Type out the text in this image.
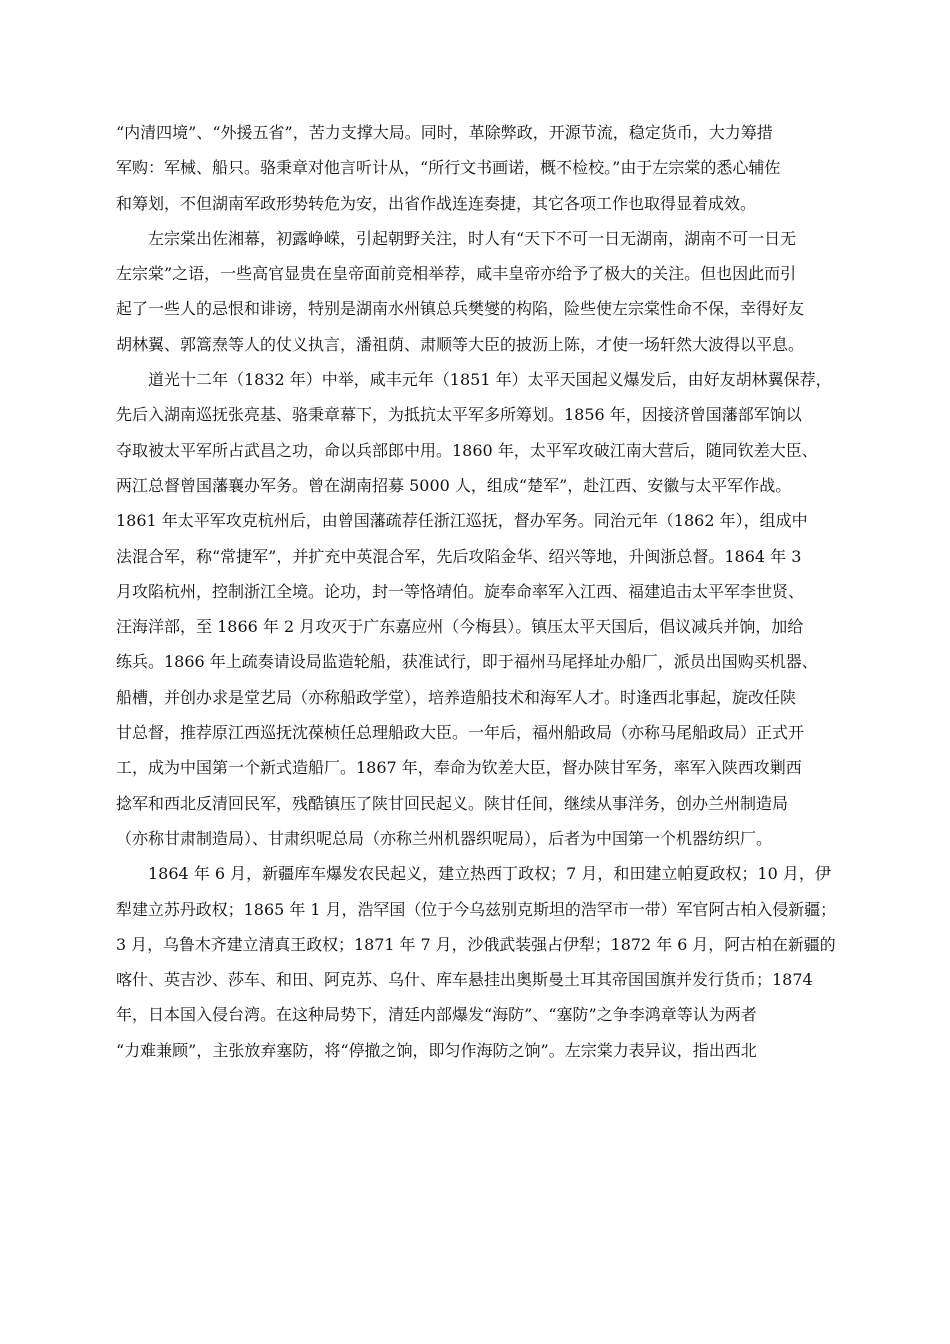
“内清四境”、“外援五省”，苦力支撑大局。同时，革除弊政，开源节流，稳定货币，大力筹措
军购：军械、船只。骆秉章对他言听计从，“所行文书画诺，概不检校。”由于左宗棠的悉心辅佐
和筹划，不但湖南军政形势转危为安，出省作战连连奏捷，其它各项工作也取得显着成效。
左宗棠出佐湘幕，初露峥嵘，引起朝野关注，时人有“天下不可一日无湖南，湖南不可一日无
左宗棠”之语，一些高官显贵在皇帝面前竞相举荐，咸丰皇帝亦给予了极大的关注。但也因此而引
起了一些人的忌恨和诽谤，特别是湖南水州镇总兵樊燮的构陷，险些使左宗棠性命不保，幸得好友
胡林翼、郭篙焘等人的仗义执言，潘祖荫、肃顺等大臣的披沥上陈，才使一场轩然大波得以平息。
道光十二年（1832 年）中举，咸丰元年（1851 年）太平天国起义爆发后，由好友胡林翼保荐，
先后入湖南巡抚张亮基、骆秉章幕下，为抵抗太平军多所筹划。1856 年，因接济曾国藩部军饷以
夺取被太平军所占武昌之功，命以兵部郎中用。1860 年，太平军攻破江南大营后，随同钦差大臣、
两江总督曾国藩襄办军务。曾在湖南招募 5000 人，组成“楚军”，赴江西、安徽与太平军作战。
1861 年太平军攻克杭州后，由曾国藩疏荐任浙江巡抚，督办军务。同治元年（1862 年），组成中
法混合军，称“常捷军”，并扩充中英混合军，先后攻陷金华、绍兴等地，升闽浙总督。1864 年 3
月攻陷杭州，控制浙江全境。论功，封一等恪靖伯。旋奉命率军入江西、福建追击太平军李世贤、
汪海洋部，至 1866 年 2 月攻灭于广东嘉应州（今梅县）。镇压太平天国后，倡议减兵并饷，加给
练兵。1866 年上疏奏请设局监造轮船，获准试行，即于福州马尾择址办船厂，派员出国购买机器、
船槽，并创办求是堂艺局（亦称船政学堂），培养造船技术和海军人才。时逢西北事起，旋改任陕
甘总督，推荐原江西巡抚沈葆桢任总理船政大臣。一年后，福州船政局（亦称马尾船政局）正式开
工，成为中国第一个新式造船厂。1867 年，奉命为钦差大臣，督办陕甘军务，率军入陕西攻剿西
捻军和西北反清回民军，残酷镇压了陕甘回民起义。陕甘任间，继续从事洋务，创办兰州制造局
（亦称甘肃制造局）、甘肃织呢总局（亦称兰州机器织呢局），后者为中国第一个机器纺织厂。
1864 年 6 月，新疆库车爆发农民起义，建立热西丁政权；7 月，和田建立帕夏政权；10 月，伊
犁建立苏丹政权；1865 年 1 月，浩罕国（位于今乌兹别克斯坦的浩罕市一带）军官阿古柏入侵新疆；
3 月，乌鲁木齐建立清真王政权；1871 年 7 月，沙俄武装强占伊犁；1872 年 6 月，阿古柏在新疆的
喀什、英吉沙、莎车、和田、阿克苏、乌什、库车悬挂出奥斯曼土耳其帝国国旗并发行货币；1874
年，日本国入侵台湾。在这种局势下，清廷内部爆发“海防”、“塞防”之争李鸿章等认为两者
“力难兼顾”，主张放弃塞防，将“停撤之饷，即匀作海防之饷”。左宗棠力表异议，指出西北
